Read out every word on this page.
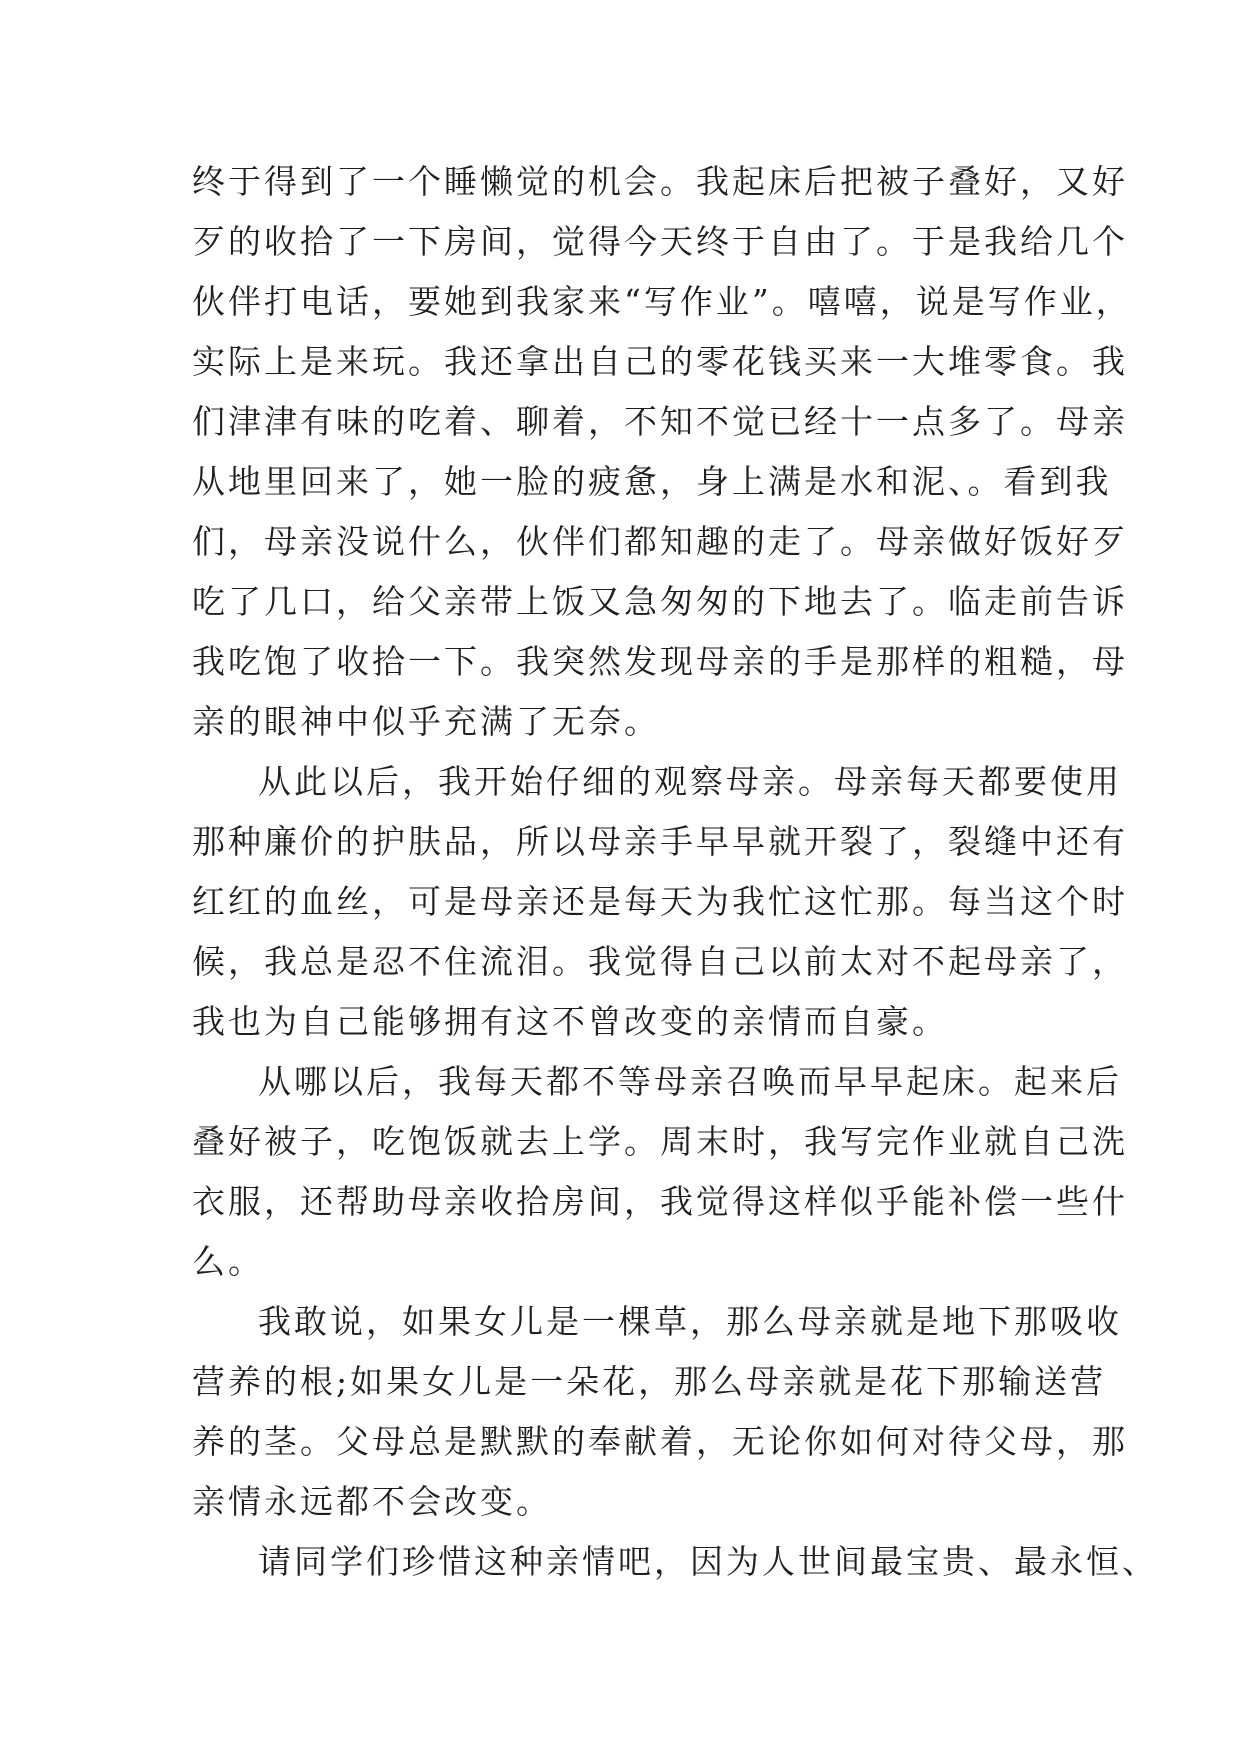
终于得到了一个睡懒觉的机会。我起床后把被子叠好，又好
歹的收拾了一下房间，觉得今天终于自由了。于是我给几个
伙伴打电话，要她到我家来“写作业”。嘻嘻，说是写作业，
实际上是来玩。我还拿出自己的零花钱买来一大堆零食。我
们津津有味的吃着、聊着，不知不觉已经十一点多了。母亲
从地里回来了，她一脸的疲惫，身上满是水和泥、。看到我
们，母亲没说什么，伙伴们都知趣的走了。母亲做好饭好歹
吃了几口，给父亲带上饭又急匆匆的下地去了。临走前告诉
我吃饱了收拾一下。我突然发现母亲的手是那样的粗糙，母
亲的眼神中似乎充满了无奈。
从此以后，我开始仔细的观察母亲。母亲每天都要使用
那种廉价的护肤品，所以母亲手早早就开裂了，裂缝中还有
红红的血丝，可是母亲还是每天为我忙这忙那。每当这个时
候，我总是忍不住流泪。我觉得自己以前太对不起母亲了，
我也为自己能够拥有这不曾改变的亲情而自豪。
从哪以后，我每天都不等母亲召唤而早早起床。起来后
叠好被子，吃饱饭就去上学。周末时，我写完作业就自己洗
衣服，还帮助母亲收拾房间，我觉得这样似乎能补偿一些什
么。
我敢说，如果女儿是一棵草，那么母亲就是地下那吸收
营养的根;如果女儿是一朵花，那么母亲就是花下那输送营
养的茎。父母总是默默的奉献着，无论你如何对待父母，那
亲情永远都不会改变。
请同学们珍惜这种亲情吧，因为人世间最宝贵、最永恒、
